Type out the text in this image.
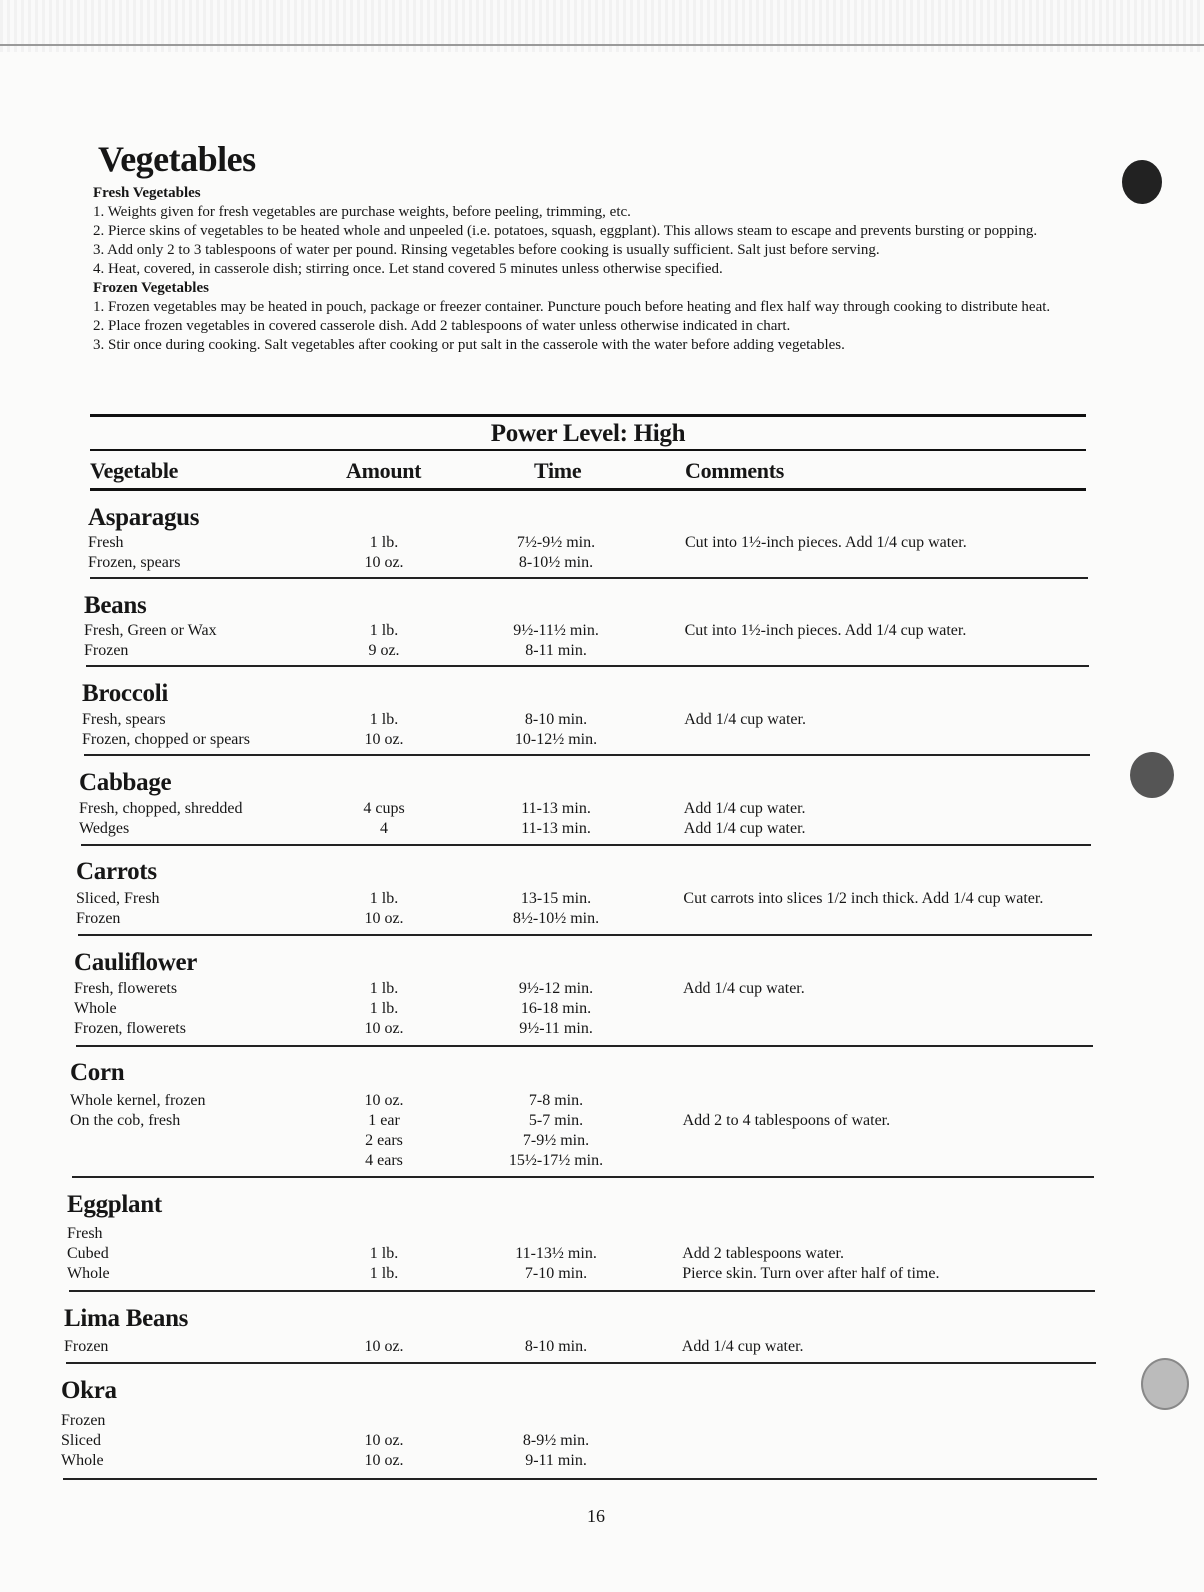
Vegetables
Fresh Vegetables
1. Weights given for fresh vegetables are purchase weights, before peeling, trimming, etc.
2. Pierce skins of vegetables to be heated whole and unpeeled (i.e. potatoes, squash, eggplant). This allows steam to escape and prevents bursting or popping.
3. Add only 2 to 3 tablespoons of water per pound. Rinsing vegetables before cooking is usually sufficient. Salt just before serving.
4. Heat, covered, in casserole dish; stirring once. Let stand covered 5 minutes unless otherwise specified.
Frozen Vegetables
1. Frozen vegetables may be heated in pouch, package or freezer container. Puncture pouch before heating and flex half way through cooking to distribute heat.
2. Place frozen vegetables in covered casserole dish. Add 2 tablespoons of water unless otherwise indicated in chart.
3. Stir once during cooking. Salt vegetables after cooking or put salt in the casserole with the water before adding vegetables.
Power Level: High
Vegetable	Amount	Time	Comments
Asparagus
Fresh	1 lb.	7½-9½ min.	Cut into 1½-inch pieces. Add 1/4 cup water.
Frozen, spears	10 oz.	8-10½ min.
Beans
Fresh, Green or Wax	1 lb.	9½-11½ min.	Cut into 1½-inch pieces. Add 1/4 cup water.
Frozen	9 oz.	8-11 min.
Broccoli
Fresh, spears	1 lb.	8-10 min.	Add 1/4 cup water.
Frozen, chopped or spears	10 oz.	10-12½ min.
Cabbage
Fresh, chopped, shredded	4 cups	11-13 min.	Add 1/4 cup water.
Wedges	4	11-13 min.	Add 1/4 cup water.
Carrots
Sliced, Fresh	1 lb.	13-15 min.	Cut carrots into slices 1/2 inch thick. Add 1/4 cup water.
Frozen	10 oz.	8½-10½ min.
Cauliflower
Fresh, flowerets	1 lb.	9½-12 min.	Add 1/4 cup water.
Whole	1 lb.	16-18 min.
Frozen, flowerets	10 oz.	9½-11 min.
Corn
Whole kernel, frozen	10 oz.	7-8 min.
On the cob, fresh	1 ear	5-7 min.	Add 2 to 4 tablespoons of water.
2 ears	7-9½ min.
4 ears	15½-17½ min.
Eggplant
Fresh
Cubed	1 lb.	11-13½ min.	Add 2 tablespoons water.
Whole	1 lb.	7-10 min.	Pierce skin. Turn over after half of time.
Lima Beans
Frozen	10 oz.	8-10 min.	Add 1/4 cup water.
Okra
Frozen
Sliced	10 oz.	8-9½ min.
Whole	10 oz.	9-11 min.
16
